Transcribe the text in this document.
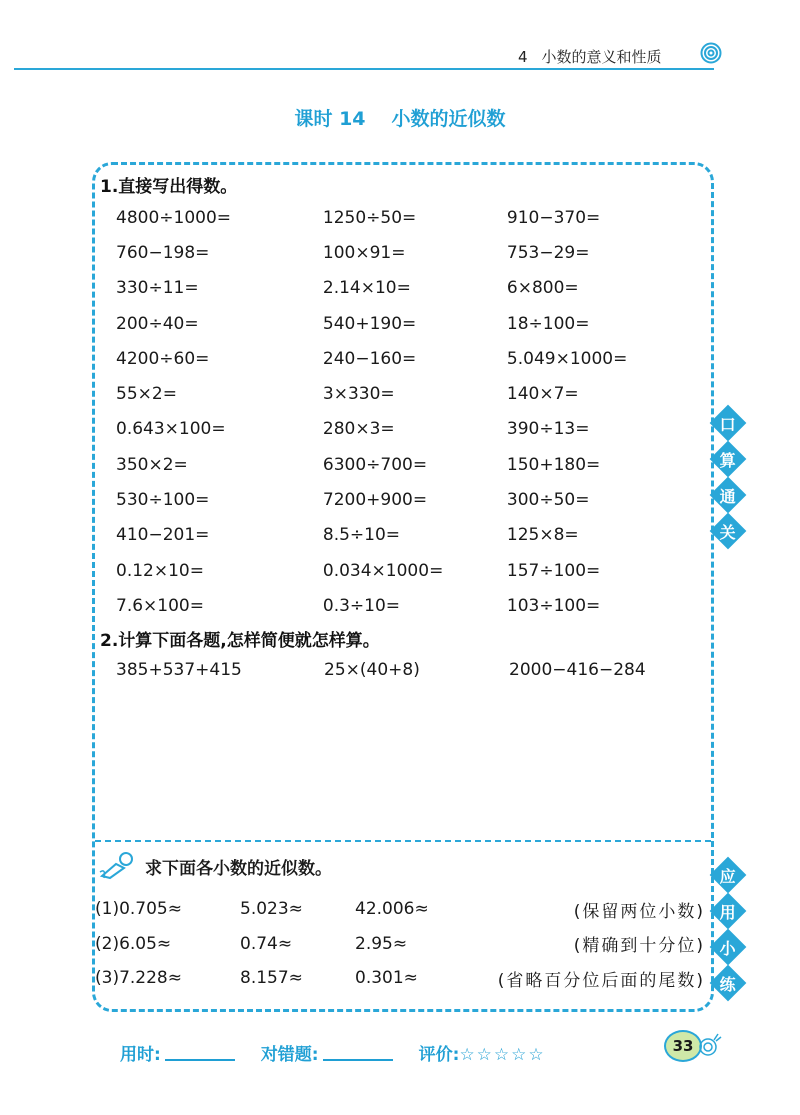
4 小数的意义和性质
课时 14 小数的近似数
1.直接写出得数。
4800÷1000=	1250÷50=	910−370=
760−198=	100×91=	753−29=
330÷11=	2.14×10=	6×800=
200÷40=	540+190=	18÷100=
4200÷60=	240−160=	5.049×1000=
55×2=	3×330=	140×7=
0.643×100=	280×3=	390÷13=
350×2=	6300÷700=	150+180=
530÷100=	7200+900=	300÷50=
410−201=	8.5÷10=	125×8=
0.12×10=	0.034×1000=	157÷100=
7.6×100=	0.3÷10=	103÷100=
2.计算下面各题,怎样简便就怎样算。
385+537+415	25×(40+8)	2000−416−284
口
算
通
关
求下面各小数的近似数。
(1)0.705≈	5.023≈	42.006≈	(保留两位小数)
(2)6.05≈	0.74≈	2.95≈	(精确到十分位)
(3)7.228≈	8.157≈	0.301≈	(省略百分位后面的尾数)
应
用
小
练
用时:	对错题:	评价: ☆☆☆☆☆	33
